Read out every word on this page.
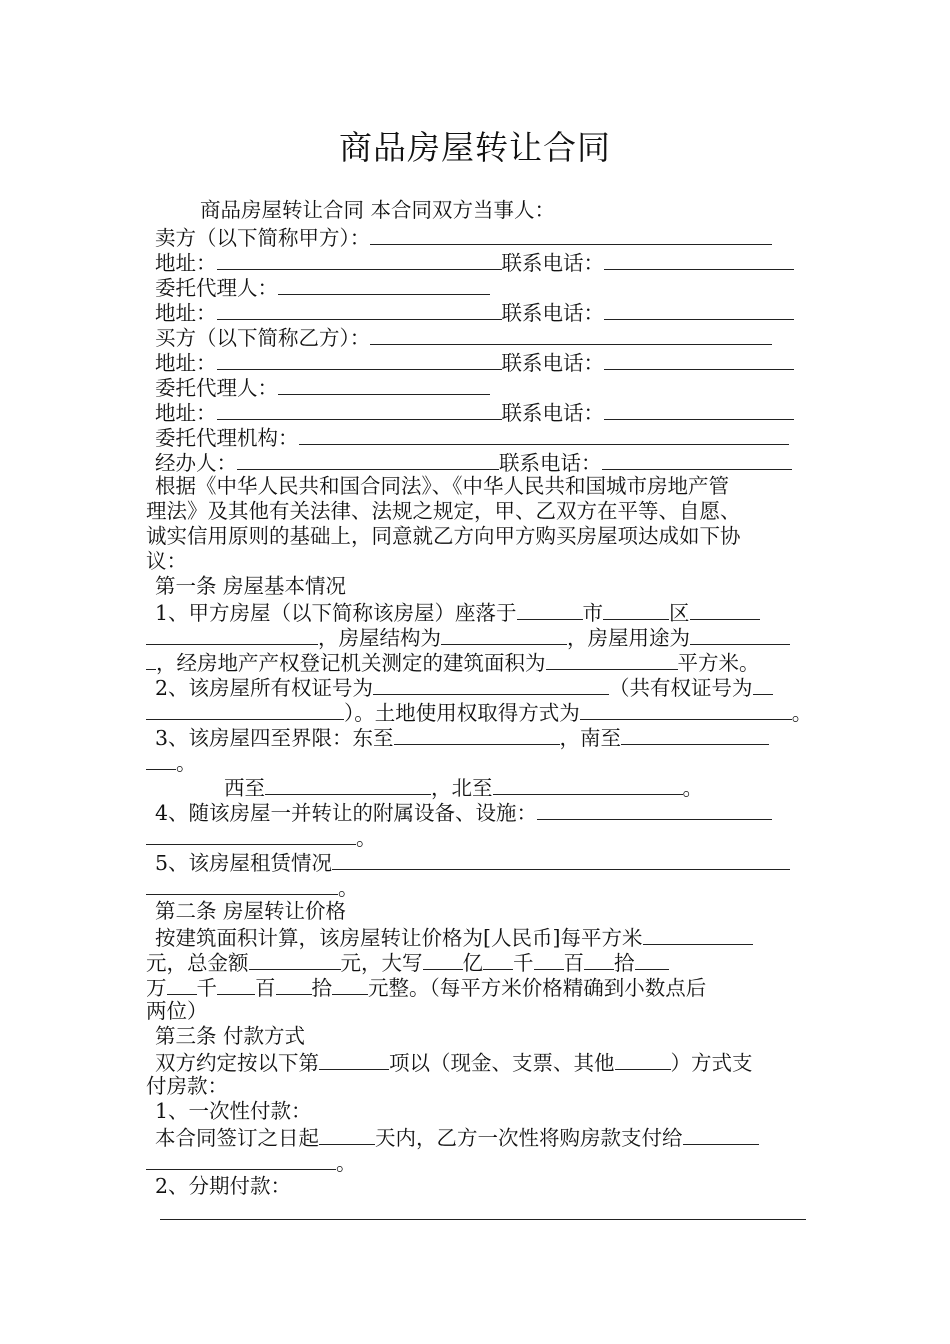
商品房屋转让合同
商品房屋转让合同 本合同双方当事人：
卖方（以下简称甲方）：
地址：	联系电话：
委托代理人：
地址：	联系电话：
买方（以下简称乙方）：
地址：	联系电话：
委托代理人：
地址：	联系电话：
委托代理机构：
经办人：	联系电话：
根据《中华人民共和国合同法》、《中华人民共和国城市房地产管
理法》及其他有关法律、法规之规定，甲、乙双方在平等、自愿、
诚实信用原则的基础上，同意就乙方向甲方购买房屋项达成如下协
议：
第一条 房屋基本情况
1、甲方房屋（以下简称该房屋）座落于	市	区
，房屋结构为	，房屋用途为
，经房地产产权登记机关测定的建筑面积为	平方米。
2、该房屋所有权证号为	（共有权证号为
）。土地使用权取得方式为	。
3、该房屋四至界限：东至	，南至
。
西至	，北至	。
4、随该房屋一并转让的附属设备、设施：
。
5、该房屋租赁情况
。
第二条 房屋转让价格
按建筑面积计算，该房屋转让价格为[人民币]每平方米
元，总金额	元，大写 亿 千 百 拾
万 千 百 拾 元整。（每平方米价格精确到小数点后
两位）
第三条 付款方式
双方约定按以下第	项以（现金、支票、其他	）方式支
付房款：
1、一次性付款：
本合同签订之日起	天内，乙方一次性将购房款支付给
。
2、分期付款：
